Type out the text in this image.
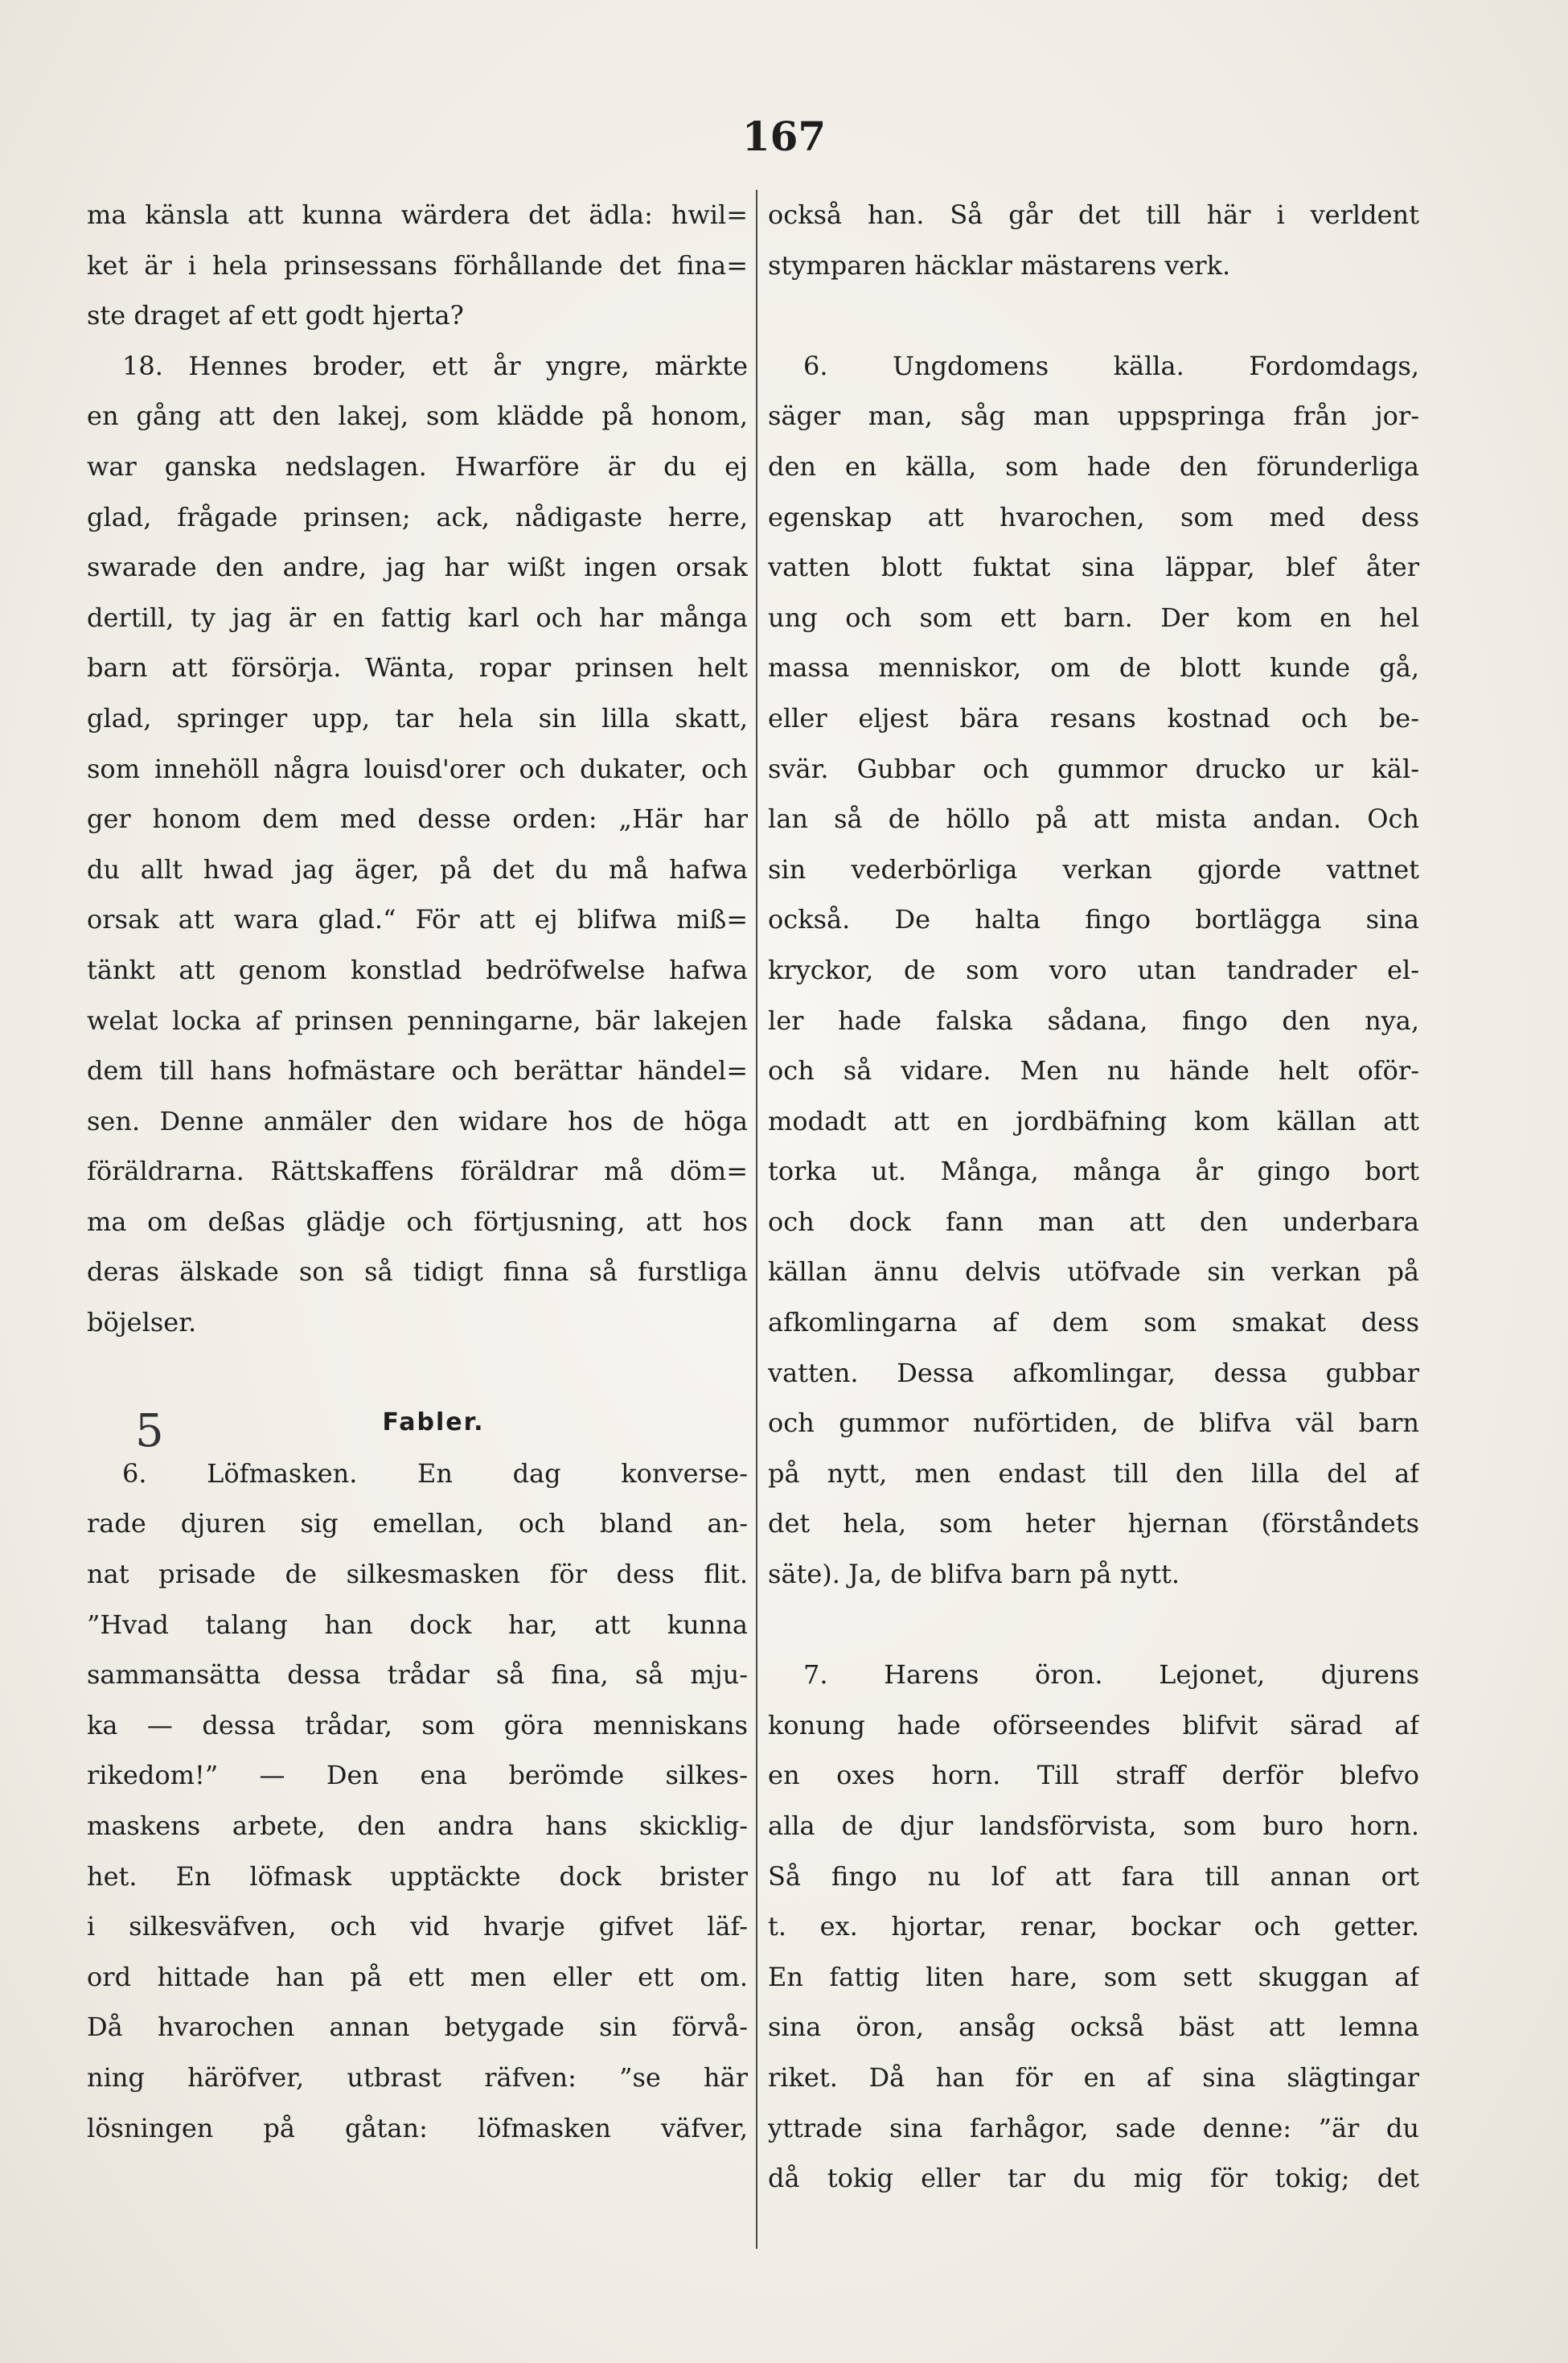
167
5
ma känsla att kunna wärdera det ädla: hwil=
ket är i hela prinsessans förhållande det fina=
ste draget af ett godt hjerta?
18. Hennes broder, ett år yngre, märkte
en gång att den lakej, som klädde på honom,
war ganska nedslagen. Hwarföre är du ej
glad, frågade prinsen; ack, nådigaste herre,
swarade den andre, jag har wißt ingen orsak
dertill, ty jag är en fattig karl och har många
barn att försörja. Wänta, ropar prinsen helt
glad, springer upp, tar hela sin lilla skatt,
som innehöll några louisd'orer och dukater, och
ger honom dem med desse orden: „Här har
du allt hwad jag äger, på det du må hafwa
orsak att wara glad.“ För att ej blifwa miß=
tänkt att genom konstlad bedröfwelse hafwa
welat locka af prinsen penningarne, bär lakejen
dem till hans hofmästare och berättar händel=
sen. Denne anmäler den widare hos de höga
föräldrarna. Rättskaffens föräldrar må döm=
ma om deßas glädje och förtjusning, att hos
deras älskade son så tidigt finna så furstliga
böjelser.
Fabler.
6. Löfmasken. En dag konverse-
rade djuren sig emellan, och bland an-
nat prisade de silkesmasken för dess flit.
”Hvad talang han dock har, att kunna
sammansätta dessa trådar så fina, så mju-
ka — dessa trådar, som göra menniskans
rikedom!” — Den ena berömde silkes-
maskens arbete, den andra hans skicklig-
het. En löfmask upptäckte dock brister
i silkesväfven, och vid hvarje gifvet läf-
ord hittade han på ett men eller ett om.
Då hvarochen annan betygade sin förvå-
ning häröfver, utbrast räfven: ”se här
lösningen på gåtan: löfmasken väfver,
också han. Så går det till här i verldent
stymparen häcklar mästarens verk.
6. Ungdomens källa. Fordomdags,
säger man, såg man uppspringa från jor-
den en källa, som hade den förunderliga
egenskap att hvarochen, som med dess
vatten blott fuktat sina läppar, blef åter
ung och som ett barn. Der kom en hel
massa menniskor, om de blott kunde gå,
eller eljest bära resans kostnad och be-
svär. Gubbar och gummor drucko ur käl-
lan så de höllo på att mista andan. Och
sin vederbörliga verkan gjorde vattnet
också. De halta fingo bortlägga sina
kryckor, de som voro utan tandrader el-
ler hade falska sådana, fingo den nya,
och så vidare. Men nu hände helt oför-
modadt att en jordbäfning kom källan att
torka ut. Många, många år gingo bort
och dock fann man att den underbara
källan ännu delvis utöfvade sin verkan på
afkomlingarna af dem som smakat dess
vatten. Dessa afkomlingar, dessa gubbar
och gummor nuförtiden, de blifva väl barn
på nytt, men endast till den lilla del af
det hela, som heter hjernan (förståndets
säte). Ja, de blifva barn på nytt.
7. Harens öron. Lejonet, djurens
konung hade oförseendes blifvit särad af
en oxes horn. Till straff derför blefvo
alla de djur landsförvista, som buro horn.
Så fingo nu lof att fara till annan ort
t. ex. hjortar, renar, bockar och getter.
En fattig liten hare, som sett skuggan af
sina öron, ansåg också bäst att lemna
riket. Då han för en af sina slägtingar
yttrade sina farhågor, sade denne: ”är du
då tokig eller tar du mig för tokig; det
